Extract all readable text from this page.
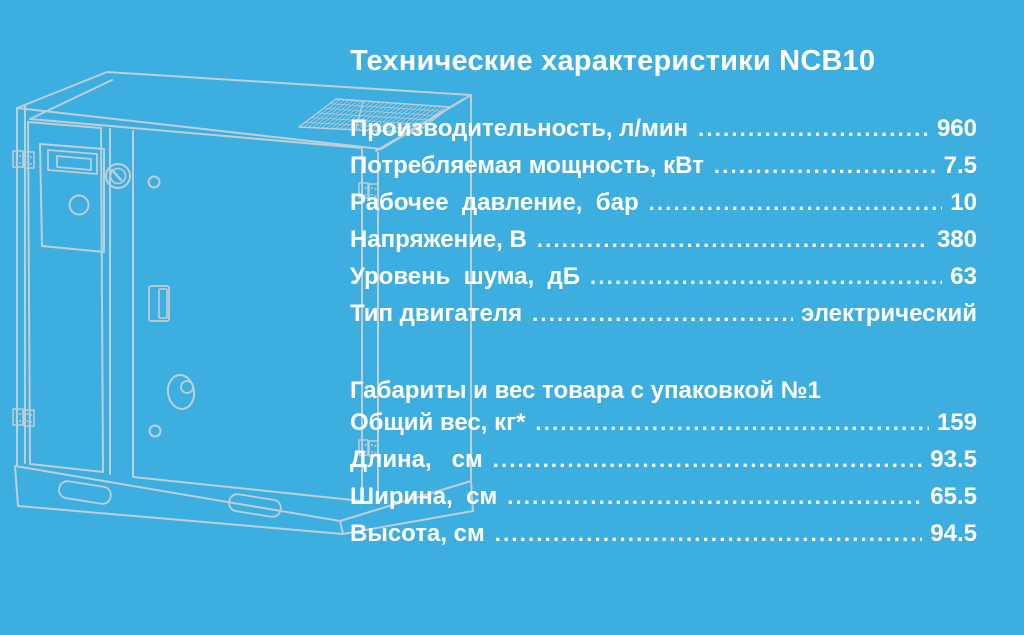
Технические характеристики NCB10
Производительность, л/мин .....	960
Потребляемая мощность, кВт .....	7.5
Рабочее  давление,  бар .....	10
Напряжение, В .....	380
Уровень  шума,  дБ .....	63
Тип двигателя .....	электрический
Габариты и вес товара с упаковкой №1
Общий вес, кг* .....	159
Длина,   см .....	93.5
Ширина,  см .....	65.5
Высота, см .....	94.5
